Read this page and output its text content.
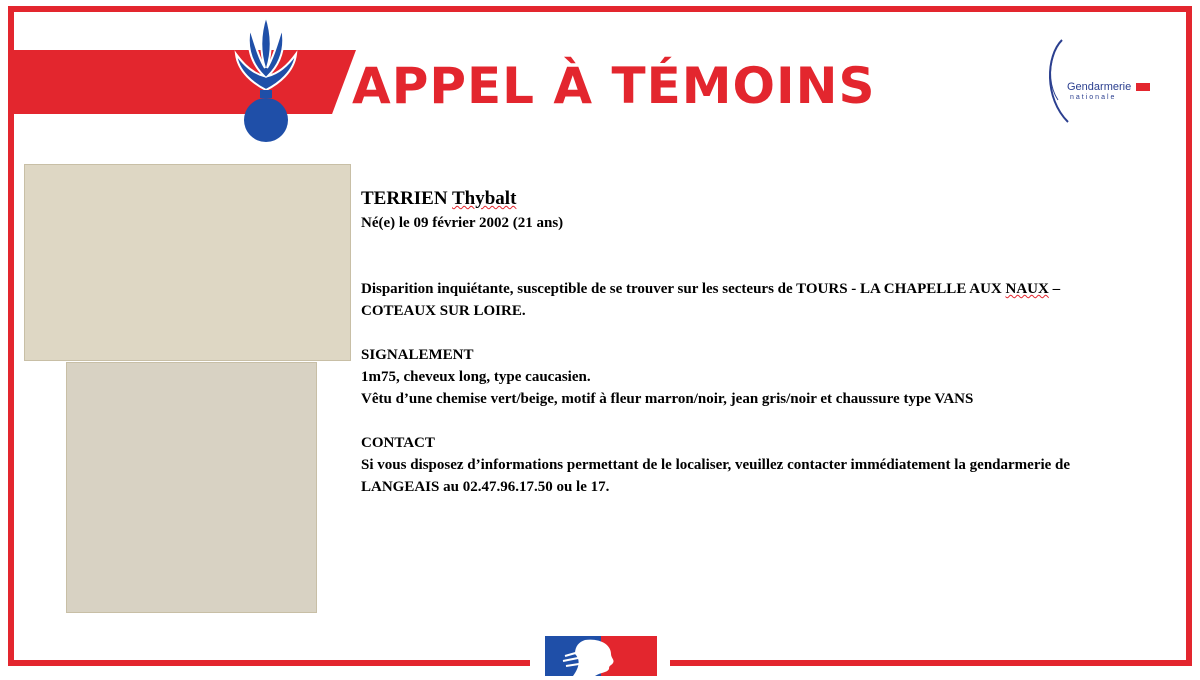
APPEL À TÉMOINS	Gendarmerie
nationale

TERRIEN Thybalt

Né(e) le 09 février 2002 (21 ans)

Disparition inquiétante, susceptible de se trouver sur les secteurs de TOURS - LA CHAPELLE AUX NAUX – COTEAUX SUR LOIRE.

SIGNALEMENT

1m75, cheveux long, type caucasien.

Vêtu d’une chemise vert/beige, motif à fleur marron/noir, jean gris/noir et chaussure type VANS

CONTACT

Si vous disposez d’informations permettant de le localiser, veuillez contacter immédiatement la gendarmerie de LANGEAIS au 02.47.96.17.50 ou le 17.
